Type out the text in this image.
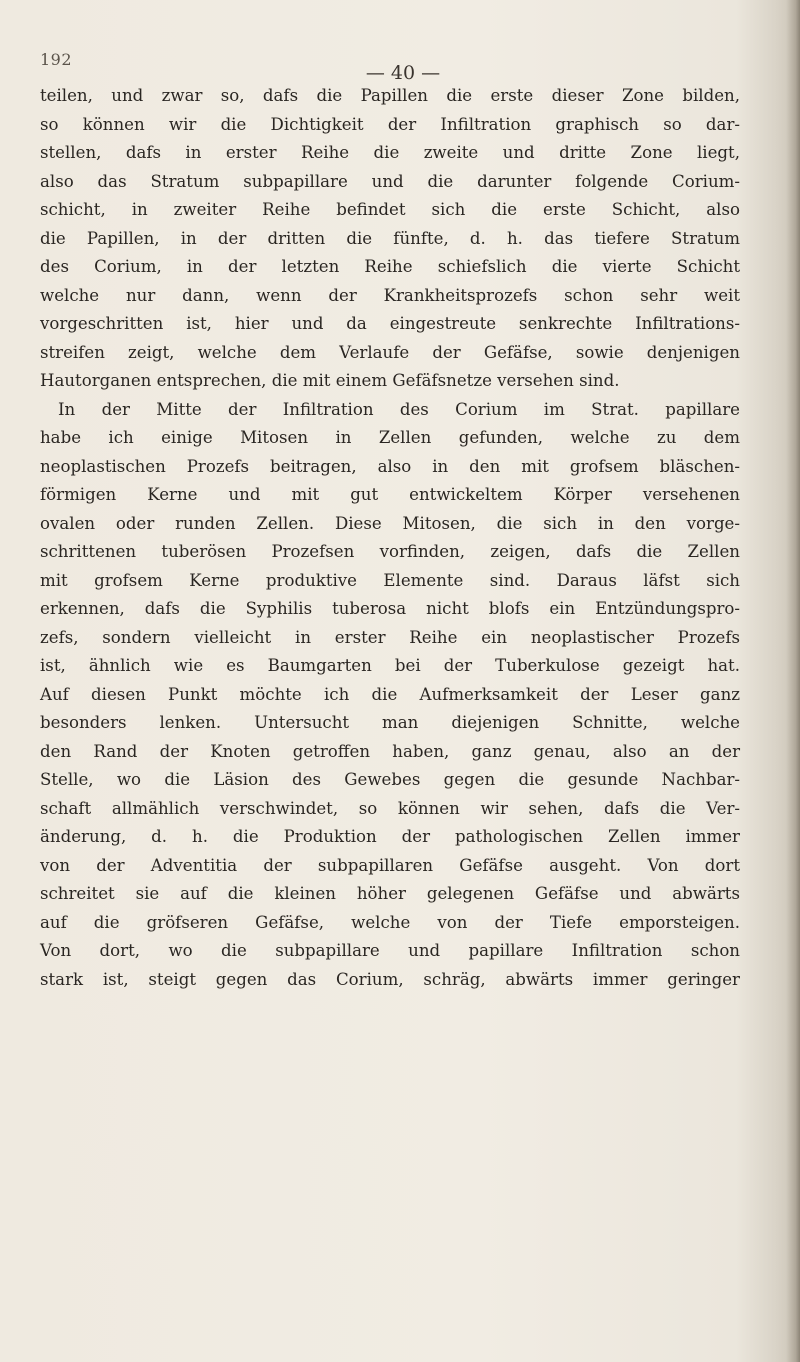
192
— 40 —
teilen, und zwar so, dafs die Papillen die erste dieser Zone bilden,
so können wir die Dichtigkeit der Infiltration graphisch so dar-
stellen, dafs in erster Reihe die zweite und dritte Zone liegt,
also das Stratum subpapillare und die darunter folgende Corium-
schicht, in zweiter Reihe befindet sich die erste Schicht, also
die Papillen, in der dritten die fünfte, d. h. das tiefere Stratum
des Corium, in der letzten Reihe schiefslich die vierte Schicht
welche nur dann, wenn der Krankheitsprozefs schon sehr weit
vorgeschritten ist, hier und da eingestreute senkrechte Infiltrations-
streifen zeigt, welche dem Verlaufe der Gefäfse, sowie denjenigen
Hautorganen entsprechen, die mit einem Gefäfsnetze versehen sind.
In der Mitte der Infiltration des Corium im Strat. papillare
habe ich einige Mitosen in Zellen gefunden, welche zu dem
neoplastischen Prozefs beitragen, also in den mit grofsem bläschen-
förmigen Kerne und mit gut entwickeltem Körper versehenen
ovalen oder runden Zellen. Diese Mitosen, die sich in den vorge-
schrittenen tuberösen Prozefsen vorfinden, zeigen, dafs die Zellen
mit grofsem Kerne produktive Elemente sind. Daraus läfst sich
erkennen, dafs die Syphilis tuberosa nicht blofs ein Entzündungspro-
zefs, sondern vielleicht in erster Reihe ein neoplastischer Prozefs
ist, ähnlich wie es Baumgarten bei der Tuberkulose gezeigt hat.
Auf diesen Punkt möchte ich die Aufmerksamkeit der Leser ganz
besonders lenken. Untersucht man diejenigen Schnitte, welche
den Rand der Knoten getroffen haben, ganz genau, also an der
Stelle, wo die Läsion des Gewebes gegen die gesunde Nachbar-
schaft allmählich verschwindet, so können wir sehen, dafs die Ver-
änderung, d. h. die Produktion der pathologischen Zellen immer
von der Adventitia der subpapillaren Gefäfse ausgeht. Von dort
schreitet sie auf die kleinen höher gelegenen Gefäfse und abwärts
auf die gröfseren Gefäfse, welche von der Tiefe emporsteigen.
Von dort, wo die subpapillare und papillare Infiltration schon
stark ist, steigt gegen das Corium, schräg, abwärts immer geringer
